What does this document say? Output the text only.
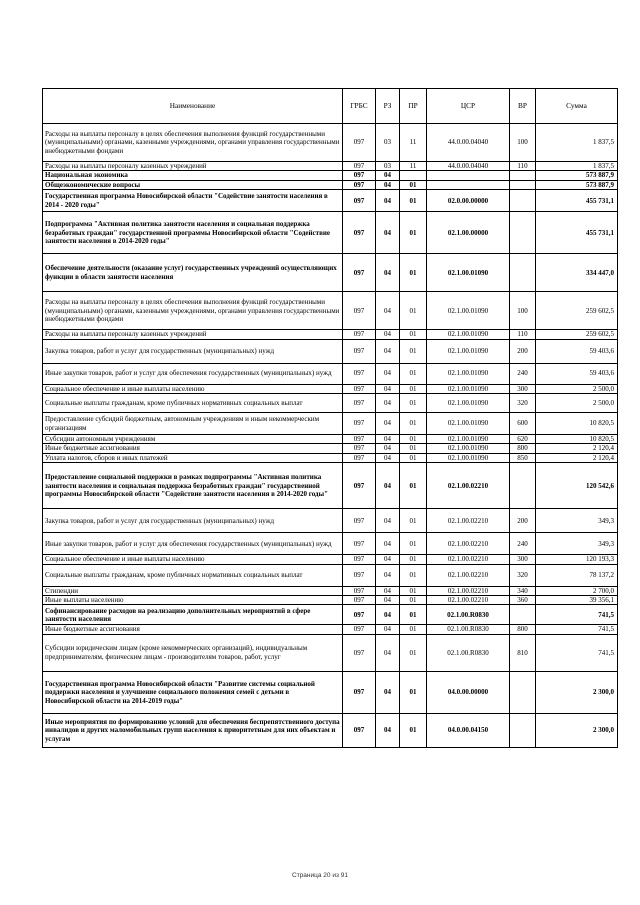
Наименование	ГРБС	РЗ	ПР	ЦСР	ВР	Сумма
Расходы на выплаты персоналу в целях обеспечения выполнения функций государственными (муниципальными) органами, казенными учреждениями, органами управления государственными внебюджетными фондами	097	03	11	44.0.00.04040	100	1 837,5
Расходы на выплаты персоналу казенных учреждений	097	03	11	44.0.00.04040	110	1 837,5
Национальная экономика	097	04				573 887,9
Общеэкономические вопросы	097	04	01			573 887,9
Государственная программа Новосибирской области "Содействие занятости населения в 2014 - 2020 годы"	097	04	01	02.0.00.00000		455 731,1
Подпрограмма "Активная политика занятости населения и социальная поддержка безработных граждан" государственной программы Новосибирской области "Содействие занятости населения в 2014-2020 годы"	097	04	01	02.1.00.00000		455 731,1
Обеспечение деятельности (оказание услуг) государственных учреждений осуществляющих функции в области занятости населения	097	04	01	02.1.00.01090		334 447,0
Расходы на выплаты персоналу в целях обеспечения выполнения функций государственными (муниципальными) органами, казенными учреждениями, органами управления государственными внебюджетными фондами	097	04	01	02.1.00.01090	100	259 602,5
Расходы на выплаты персоналу казенных учреждений	097	04	01	02.1.00.01090	110	259 602,5
Закупка товаров, работ и услуг для государственных (муниципальных) нужд	097	04	01	02.1.00.01090	200	59 403,6
Иные закупки товаров, работ и услуг для обеспечения государственных (муниципальных) нужд	097	04	01	02.1.00.01090	240	59 403,6
Социальное обеспечение и иные выплаты населению	097	04	01	02.1.00.01090	300	2 500,0
Социальные выплаты гражданам, кроме публичных нормативных социальных выплат	097	04	01	02.1.00.01090	320	2 500,0
Предоставление субсидий бюджетным, автономным учреждениям и иным некоммерческим организациям	097	04	01	02.1.00.01090	600	10 820,5
Субсидии автономным учреждениям	097	04	01	02.1.00.01090	620	10 820,5
Иные бюджетные ассигнования	097	04	01	02.1.00.01090	800	2 120,4
Уплата налогов, сборов и иных платежей	097	04	01	02.1.00.01090	850	2 120,4
Предоставление социальной поддержки в рамках подпрограммы "Активная политика занятости населения и социальная поддержка безработных граждан" государственной программы Новосибирской области "Содействие занятости населения в 2014-2020 годы"	097	04	01	02.1.00.02210		120 542,6
Закупка товаров, работ и услуг для государственных (муниципальных) нужд	097	04	01	02.1.00.02210	200	349,3
Иные закупки товаров, работ и услуг для обеспечения государственных (муниципальных) нужд	097	04	01	02.1.00.02210	240	349,3
Социальное обеспечение и иные выплаты населению	097	04	01	02.1.00.02210	300	120 193,3
Социальные выплаты гражданам, кроме публичных нормативных социальных выплат	097	04	01	02.1.00.02210	320	78 137,2
Стипендии	097	04	01	02.1.00.02210	340	2 700,0
Иные выплаты населению	097	04	01	02.1.00.02210	360	39 356,1
Софинансирование расходов на реализацию дополнительных мероприятий в сфере занятости населения	097	04	01	02.1.00.R0830		741,5
Иные бюджетные ассигнования	097	04	01	02.1.00.R0830	800	741,5
Субсидии юридическим лицам (кроме некоммерческих организаций), индивидуальным предпринимателям, физическим лицам - производителям товаров, работ, услуг	097	04	01	02.1.00.R0830	810	741,5
Государственная программа Новосибирской области "Развитие системы социальной поддержки населения и улучшение социального положения семей с детьми в Новосибирской области на 2014-2019 годы"	097	04	01	04.0.00.00000		2 300,0
Иные мероприятия по формированию условий для обеспечения беспрепятственного доступа инвалидов и других маломобильных групп населения к приоритетным для них объектам и услугам	097	04	01	04.0.00.04150		2 300,0
Страница 20 из 91
